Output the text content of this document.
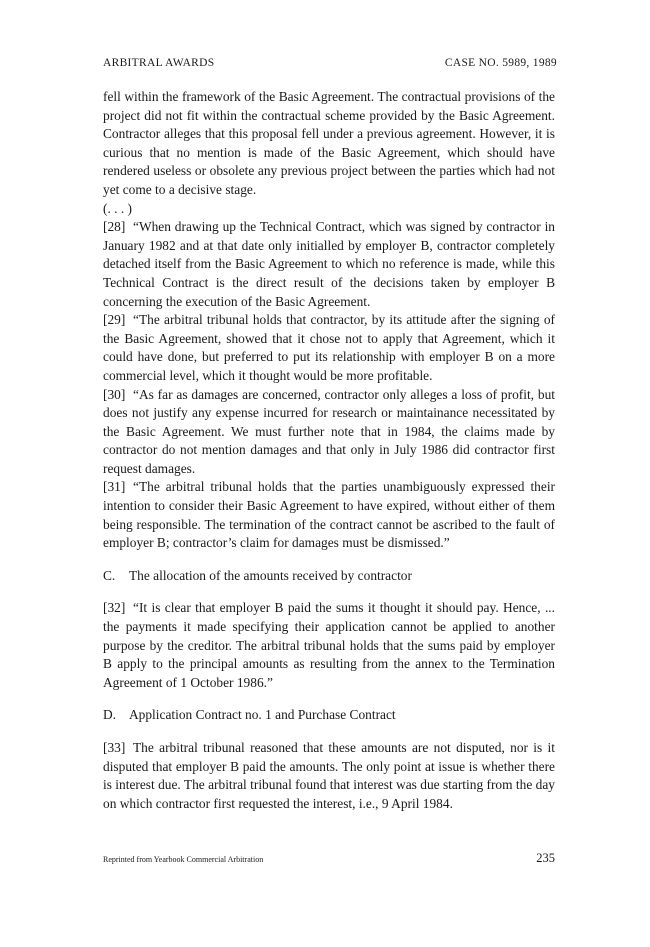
ARBITRAL AWARDS	CASE NO. 5989, 1989

fell within the framework of the Basic Agreement. The contractual provisions of the project did not fit within the contractual scheme provided by the Basic Agreement. Contractor alleges that this proposal fell under a previous agreement. However, it is curious that no mention is made of the Basic Agreement, which should have rendered useless or obsolete any previous project between the parties which had not yet come to a decisive stage.

(. . . )

[28] “When drawing up the Technical Contract, which was signed by contractor in January 1982 and at that date only initialled by employer B, contractor completely detached itself from the Basic Agreement to which no reference is made, while this Technical Contract is the direct result of the decisions taken by employer B concerning the execution of the Basic Agreement.

[29] “The arbitral tribunal holds that contractor, by its attitude after the signing of the Basic Agreement, showed that it chose not to apply that Agreement, which it could have done, but preferred to put its relationship with employer B on a more commercial level, which it thought would be more profitable.

[30] “As far as damages are concerned, contractor only alleges a loss of profit, but does not justify any expense incurred for research or maintainance necessitated by the Basic Agreement. We must further note that in 1984, the claims made by contractor do not mention damages and that only in July 1986 did contractor first request damages.

[31] “The arbitral tribunal holds that the parties unambiguously expressed their intention to consider their Basic Agreement to have expired, without either of them being responsible. The termination of the contract cannot be ascribed to the fault of employer B; contractor’s claim for damages must be dismissed.”

C. The allocation of the amounts received by contractor

[32] “It is clear that employer B paid the sums it thought it should pay. Hence, ... the payments it made specifying their application cannot be applied to another purpose by the creditor. The arbitral tribunal holds that the sums paid by employer B apply to the principal amounts as resulting from the annex to the Termination Agreement of 1 October 1986.”

D. Application Contract no. 1 and Purchase Contract

[33] The arbitral tribunal reasoned that these amounts are not disputed, nor is it disputed that employer B paid the amounts. The only point at issue is whether there is interest due. The arbitral tribunal found that interest was due starting from the day on which contractor first requested the interest, i.e., 9 April 1984.

Reprinted from Yearbook Commercial Arbitration	235
